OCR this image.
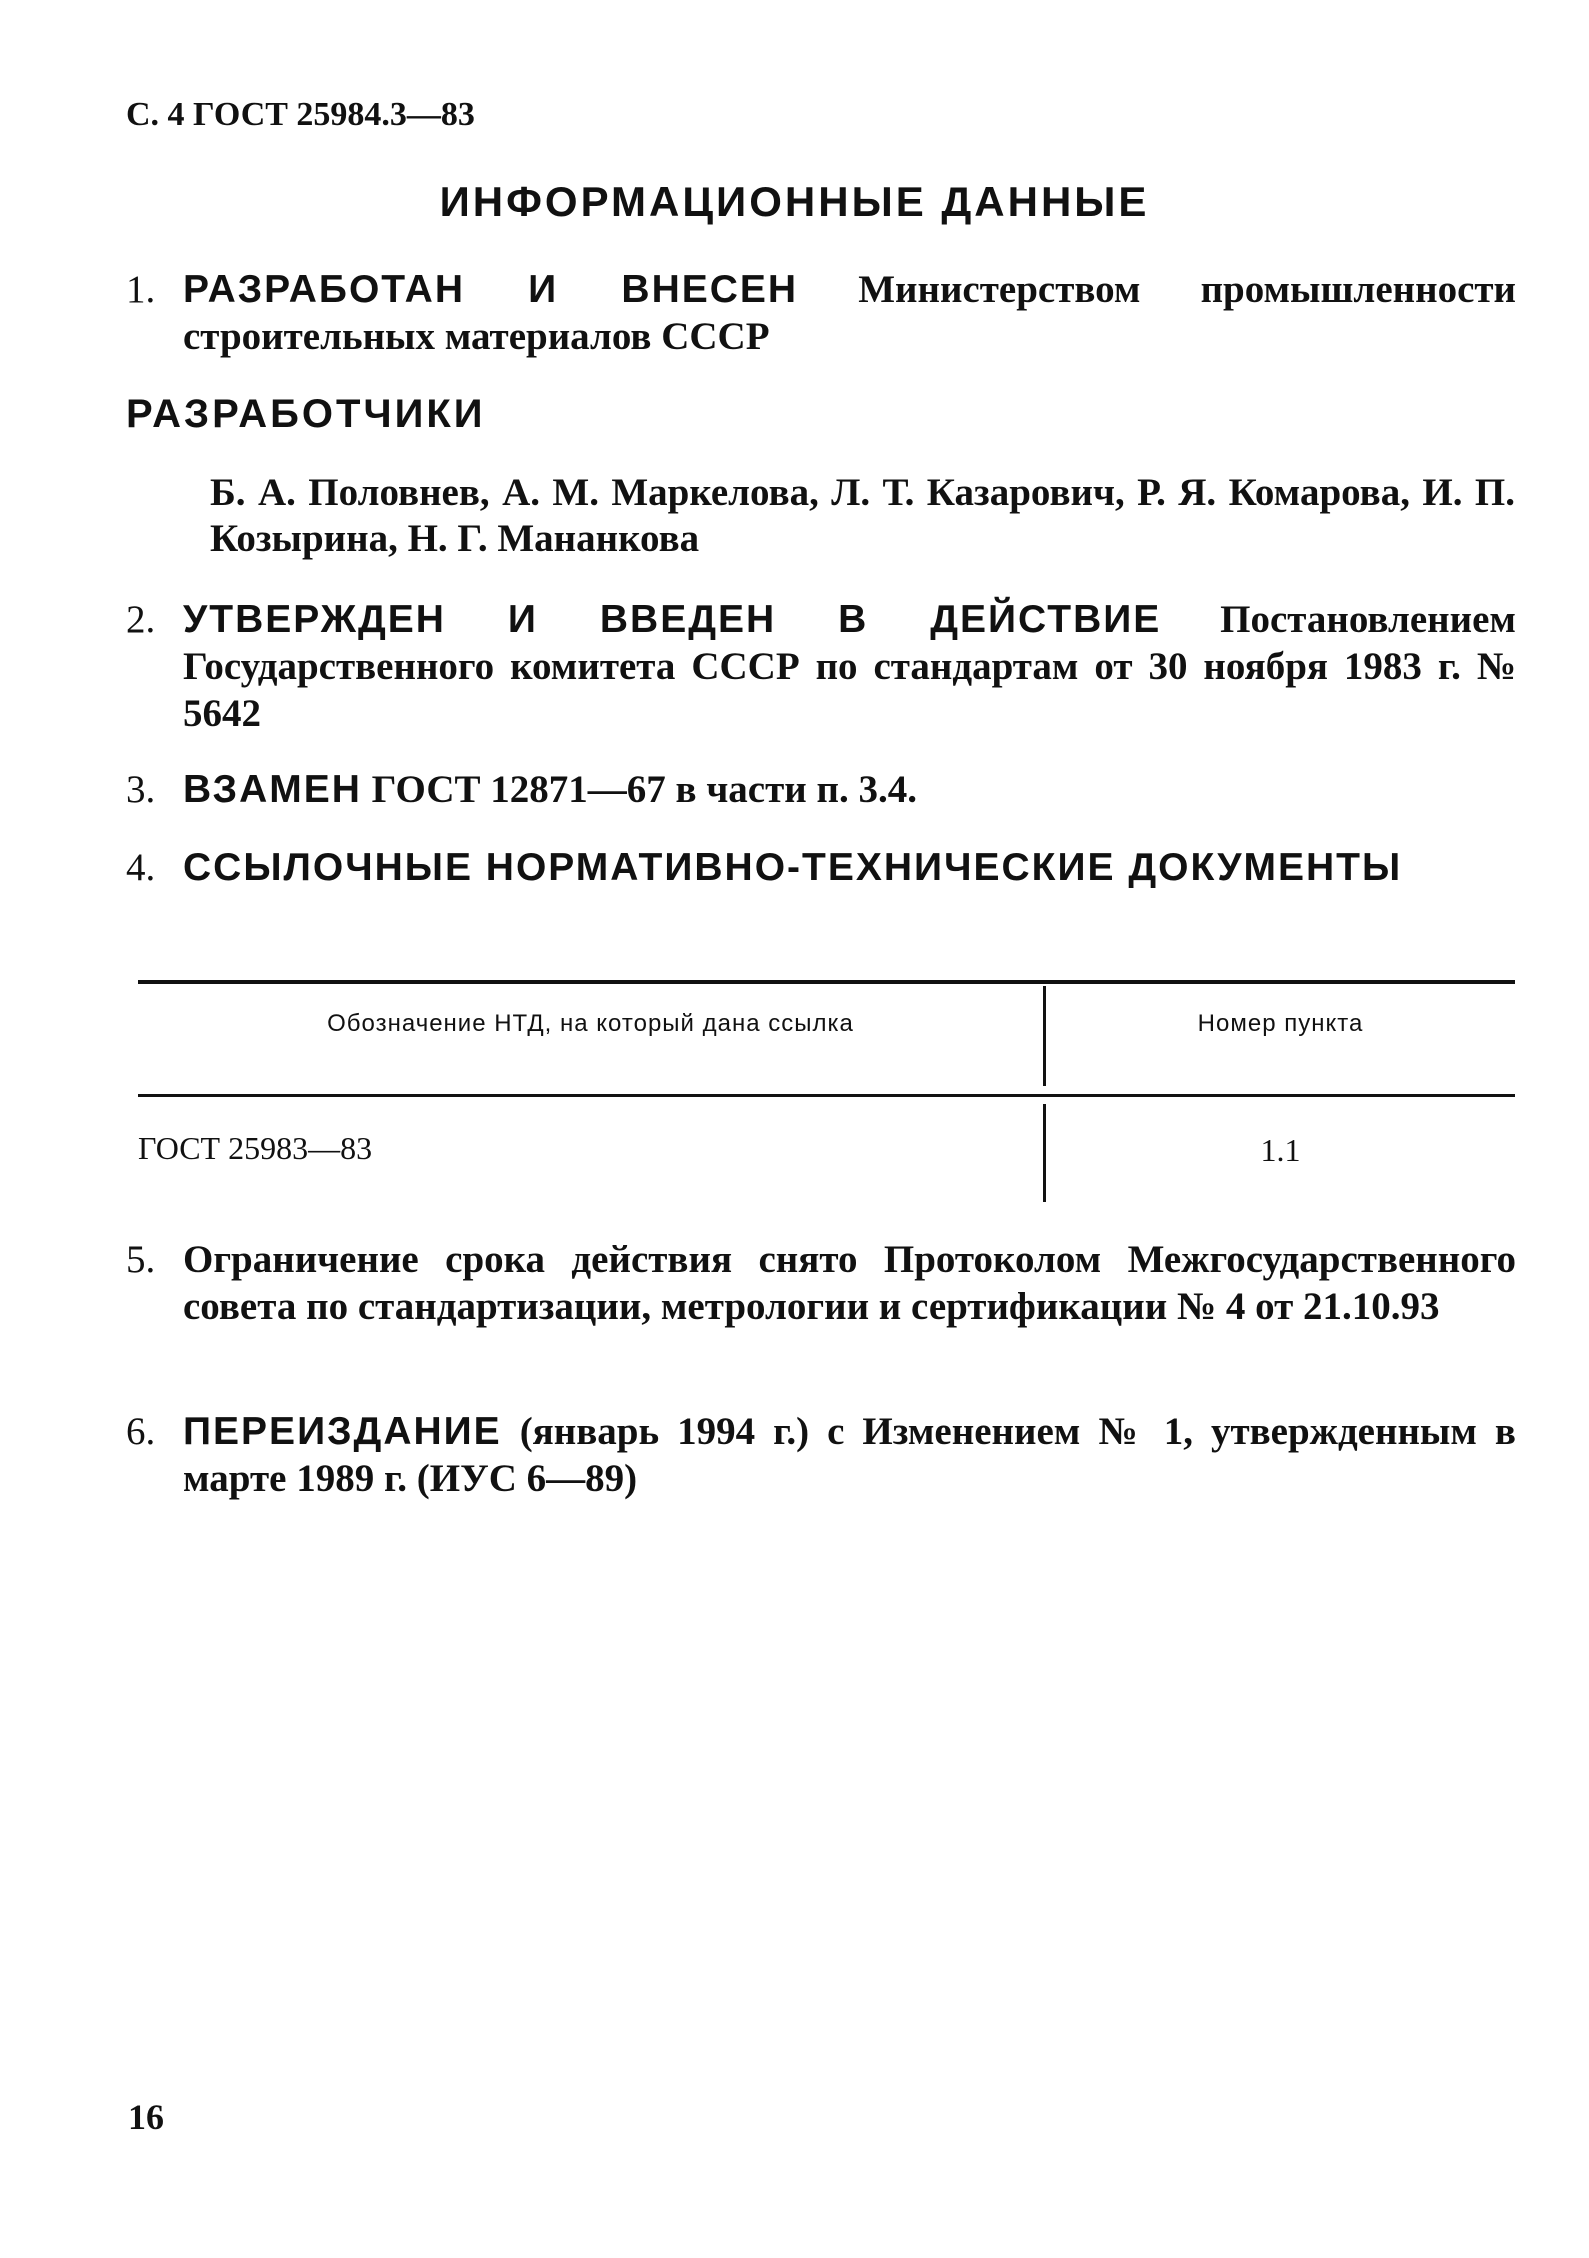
С. 4 ГОСТ 25984.3—83
ИНФОРМАЦИОННЫЕ ДАННЫЕ
1. РАЗРАБОТАН И ВНЕСЕН Министерством промышленности строительных материалов СССР
РАЗРАБОТЧИКИ
Б. А. Половнев, А. М. Маркелова, Л. Т. Казарович, Р. Я. Комарова, И. П. Козырина, Н. Г. Мананкова
2. УТВЕРЖДЕН И ВВЕДЕН В ДЕЙСТВИЕ Постановлением Государственного комитета СССР по стандартам от 30 ноября 1983 г. № 5642
3. ВЗАМЕН ГОСТ 12871—67 в части п. 3.4.
4. ССЫЛОЧНЫЕ НОРМАТИВНО-ТЕХНИЧЕСКИЕ ДОКУМЕНТЫ
Обозначение НТД, на который дана ссылка	Номер пункта
ГОСТ 25983—83	1.1
5. Ограничение срока действия снято Протоколом Межгосударственного совета по стандартизации, метрологии и сертификации № 4 от 21.10.93
6. ПЕРЕИЗДАНИЕ (январь 1994 г.) с Изменением № 1, утвержденным в марте 1989 г. (ИУС 6—89)
16
